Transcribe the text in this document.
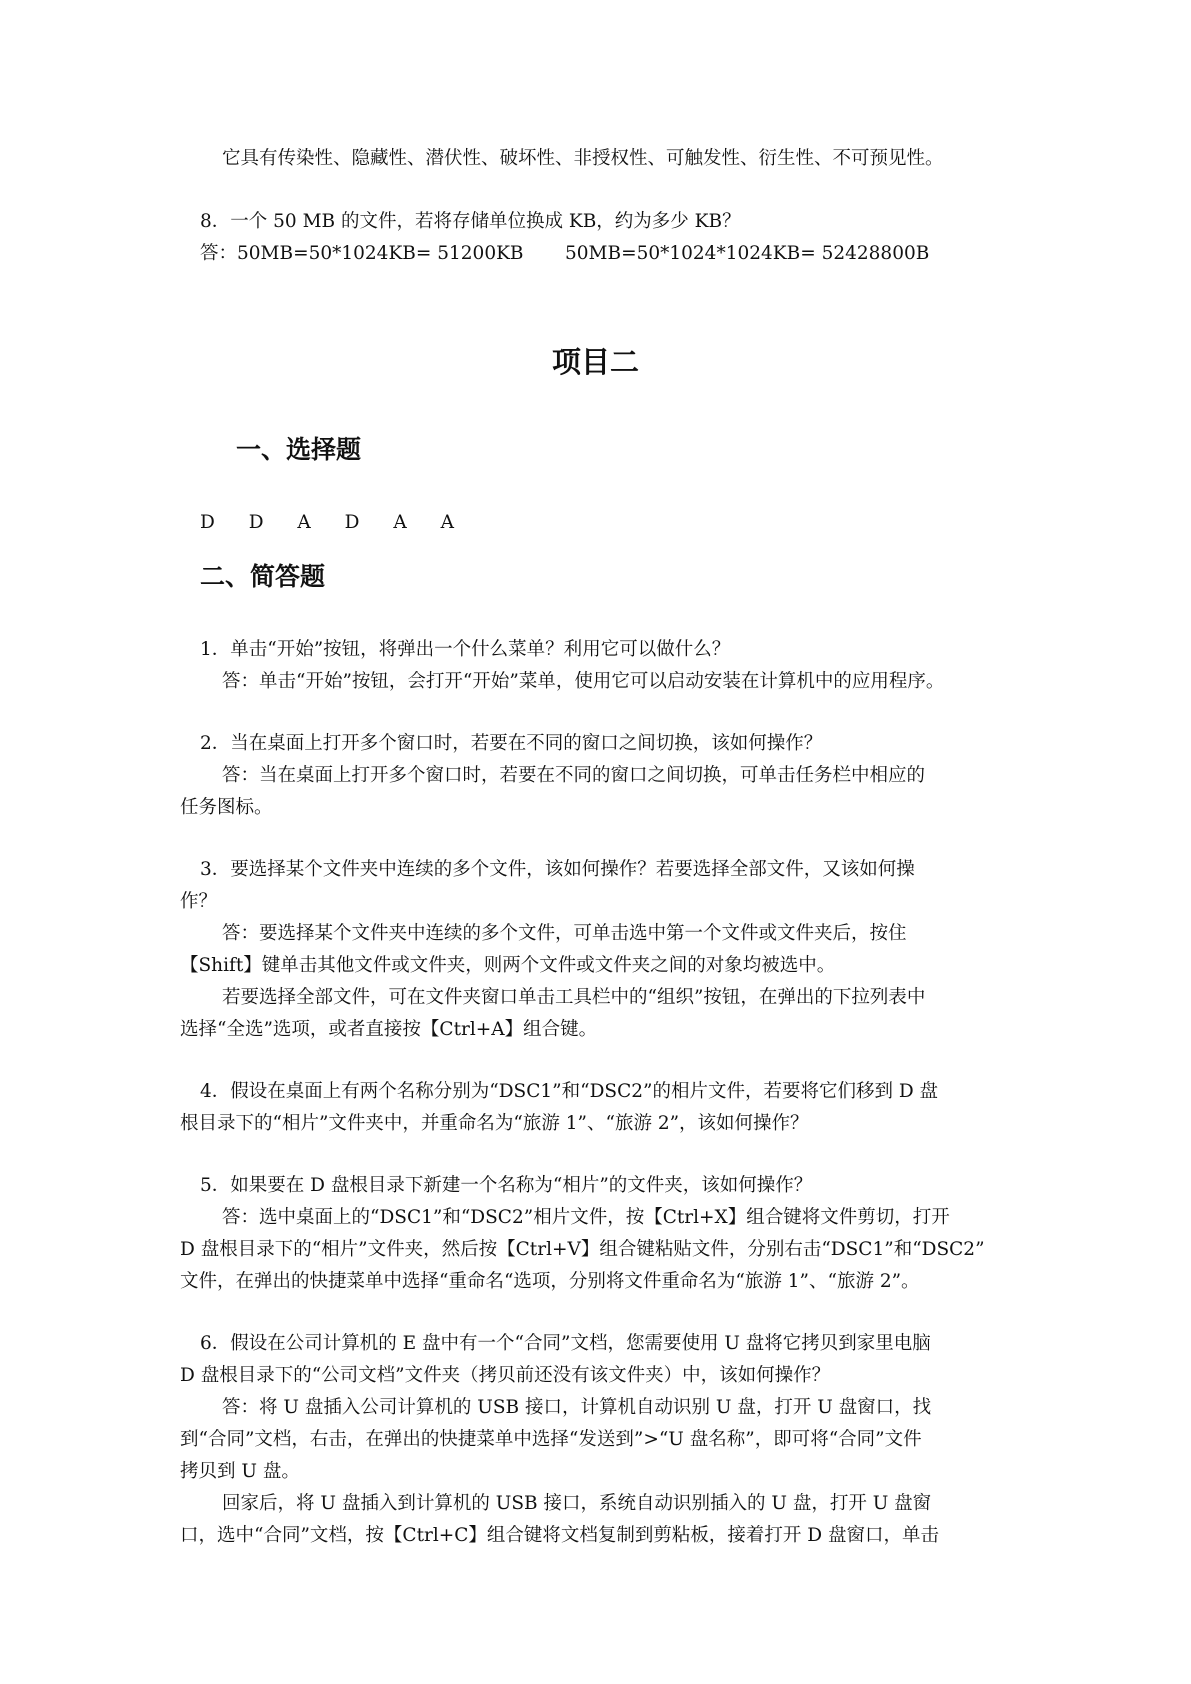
它具有传染性、隐藏性、潜伏性、破坏性、非授权性、可触发性、衍生性、不可预见性。
8．一个 50 MB 的文件，若将存储单位换成 KB，约为多少 KB？
答：50MB=50*1024KB= 51200KB 50MB=50*1024*1024KB= 52428800B
项目二
一、选择题
D D A D A A
二、简答题
1．单击“开始”按钮，将弹出一个什么菜单？利用它可以做什么？
答：单击“开始”按钮，会打开“开始”菜单，使用它可以启动安装在计算机中的应用程序。
2．当在桌面上打开多个窗口时，若要在不同的窗口之间切换，该如何操作？
答：当在桌面上打开多个窗口时，若要在不同的窗口之间切换，可单击任务栏中相应的
任务图标。
3．要选择某个文件夹中连续的多个文件，该如何操作？若要选择全部文件，又该如何操
作？
答：要选择某个文件夹中连续的多个文件，可单击选中第一个文件或文件夹后，按住
【Shift】键单击其他文件或文件夹，则两个文件或文件夹之间的对象均被选中。
若要选择全部文件，可在文件夹窗口单击工具栏中的“组织”按钮，在弹出的下拉列表中
选择“全选”选项，或者直接按【Ctrl+A】组合键。
4．假设在桌面上有两个名称分别为“DSC1”和“DSC2”的相片文件，若要将它们移到 D 盘
根目录下的“相片”文件夹中，并重命名为“旅游 1”、“旅游 2”，该如何操作？
5．如果要在 D 盘根目录下新建一个名称为“相片”的文件夹，该如何操作？
答：选中桌面上的“DSC1”和“DSC2”相片文件，按【Ctrl+X】组合键将文件剪切，打开
D 盘根目录下的“相片”文件夹，然后按【Ctrl+V】组合键粘贴文件，分别右击“DSC1”和“DSC2”
文件，在弹出的快捷菜单中选择“重命名“选项，分别将文件重命名为“旅游 1”、“旅游 2”。
6．假设在公司计算机的 E 盘中有一个“合同”文档，您需要使用 U 盘将它拷贝到家里电脑
D 盘根目录下的“公司文档”文件夹（拷贝前还没有该文件夹）中，该如何操作？
答：将 U 盘插入公司计算机的 USB 接口，计算机自动识别 U 盘，打开 U 盘窗口，找
到“合同”文档，右击，在弹出的快捷菜单中选择“发送到”>“U 盘名称”，即可将“合同”文件
拷贝到 U 盘。
回家后，将 U 盘插入到计算机的 USB 接口，系统自动识别插入的 U 盘，打开 U 盘窗
口，选中“合同”文档，按【Ctrl+C】组合键将文档复制到剪粘板，接着打开 D 盘窗口，单击
